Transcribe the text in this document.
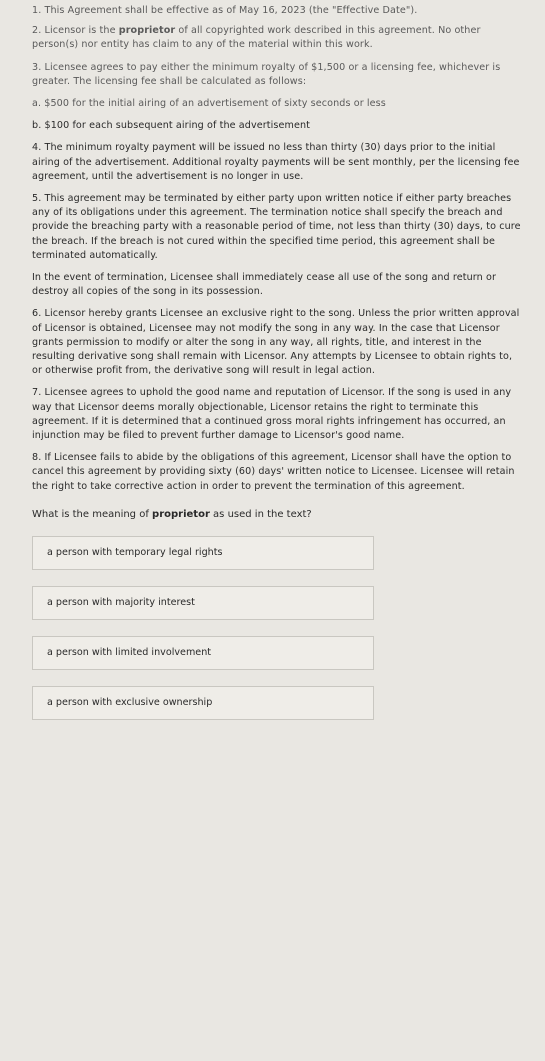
1. This Agreement shall be effective as of May 16, 2023 (the "Effective Date").

2. Licensor is the proprietor of all copyrighted work described in this agreement. No other person(s) nor entity has claim to any of the material within this work.

3. Licensee agrees to pay either the minimum royalty of $1,500 or a licensing fee, whichever is greater. The licensing fee shall be calculated as follows:

a. $500 for the initial airing of an advertisement of sixty seconds or less

b. $100 for each subsequent airing of the advertisement

4. The minimum royalty payment will be issued no less than thirty (30) days prior to the initial airing of the advertisement. Additional royalty payments will be sent monthly, per the licensing fee agreement, until the advertisement is no longer in use.

5. This agreement may be terminated by either party upon written notice if either party breaches any of its obligations under this agreement. The termination notice shall specify the breach and provide the breaching party with a reasonable period of time, not less than thirty (30) days, to cure the breach. If the breach is not cured within the specified time period, this agreement shall be terminated automatically.

In the event of termination, Licensee shall immediately cease all use of the song and return or destroy all copies of the song in its possession.

6. Licensor hereby grants Licensee an exclusive right to the song. Unless the prior written approval of Licensor is obtained, Licensee may not modify the song in any way. In the case that Licensor grants permission to modify or alter the song in any way, all rights, title, and interest in the resulting derivative song shall remain with Licensor. Any attempts by Licensee to obtain rights to, or otherwise profit from, the derivative song will result in legal action.

7. Licensee agrees to uphold the good name and reputation of Licensor. If the song is used in any way that Licensor deems morally objectionable, Licensor retains the right to terminate this agreement. If it is determined that a continued gross moral rights infringement has occurred, an injunction may be filed to prevent further damage to Licensor's good name.

8. If Licensee fails to abide by the obligations of this agreement, Licensor shall have the option to cancel this agreement by providing sixty (60) days' written notice to Licensee. Licensee will retain the right to take corrective action in order to prevent the termination of this agreement.

What is the meaning of proprietor as used in the text?

a person with temporary legal rights
a person with majority interest
a person with limited involvement
a person with exclusive ownership
